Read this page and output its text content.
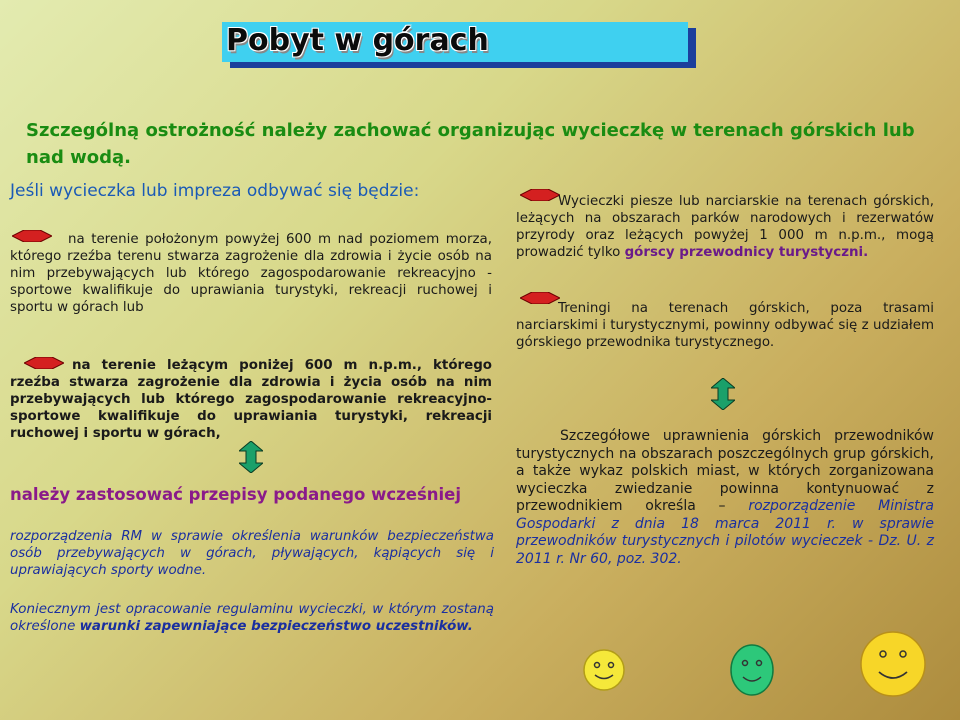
Pobyt w górach
Szczególną ostrożność należy zachować organizując wycieczkę w terenach górskich lub nad wodą.
Jeśli wycieczka lub impreza odbywać się będzie:
na terenie położonym powyżej 600 m nad poziomem morza, którego rzeźba terenu stwarza zagrożenie dla zdrowia i życie osób na nim przebywających lub którego zagospodarowanie rekreacyjno - sportowe kwalifikuje do uprawiania turystyki, rekreacji ruchowej i sportu w górach lub
na terenie leżącym poniżej 600 m n.p.m., którego rzeźba stwarza zagrożenie dla zdrowia i życia osób na nim przebywających lub którego zagospodarowanie rekreacyjno-sportowe kwalifikuje do uprawiania turystyki, rekreacji ruchowej i sportu w górach,
należy zastosować przepisy podanego wcześniej
rozporządzenia RM w sprawie określenia warunków bezpieczeństwa osób przebywających w górach, pływających, kąpiących się i uprawiających sporty wodne.
Koniecznym jest opracowanie regulaminu wycieczki, w którym zostaną określone warunki zapewniające bezpieczeństwo uczestników.
Wycieczki piesze lub narciarskie na terenach górskich, leżących na obszarach parków narodowych i rezerwatów przyrody oraz leżących powyżej 1 000 m n.p.m., mogą prowadzić tylko górscy przewodnicy turystyczni.
Treningi na terenach górskich, poza trasami narciarskimi i turystycznymi, powinny odbywać się z udziałem górskiego przewodnika turystycznego.
Szczegółowe uprawnienia górskich przewodników turystycznych na obszarach poszczególnych grup górskich, a także wykaz polskich miast, w których zorganizowana wycieczka zwiedzanie powinna kontynuować z przewodnikiem określa – rozporządzenie Ministra Gospodarki z dnia 18 marca 2011 r. w sprawie przewodników turystycznych i pilotów wycieczek - Dz. U. z 2011 r. Nr 60, poz. 302.
